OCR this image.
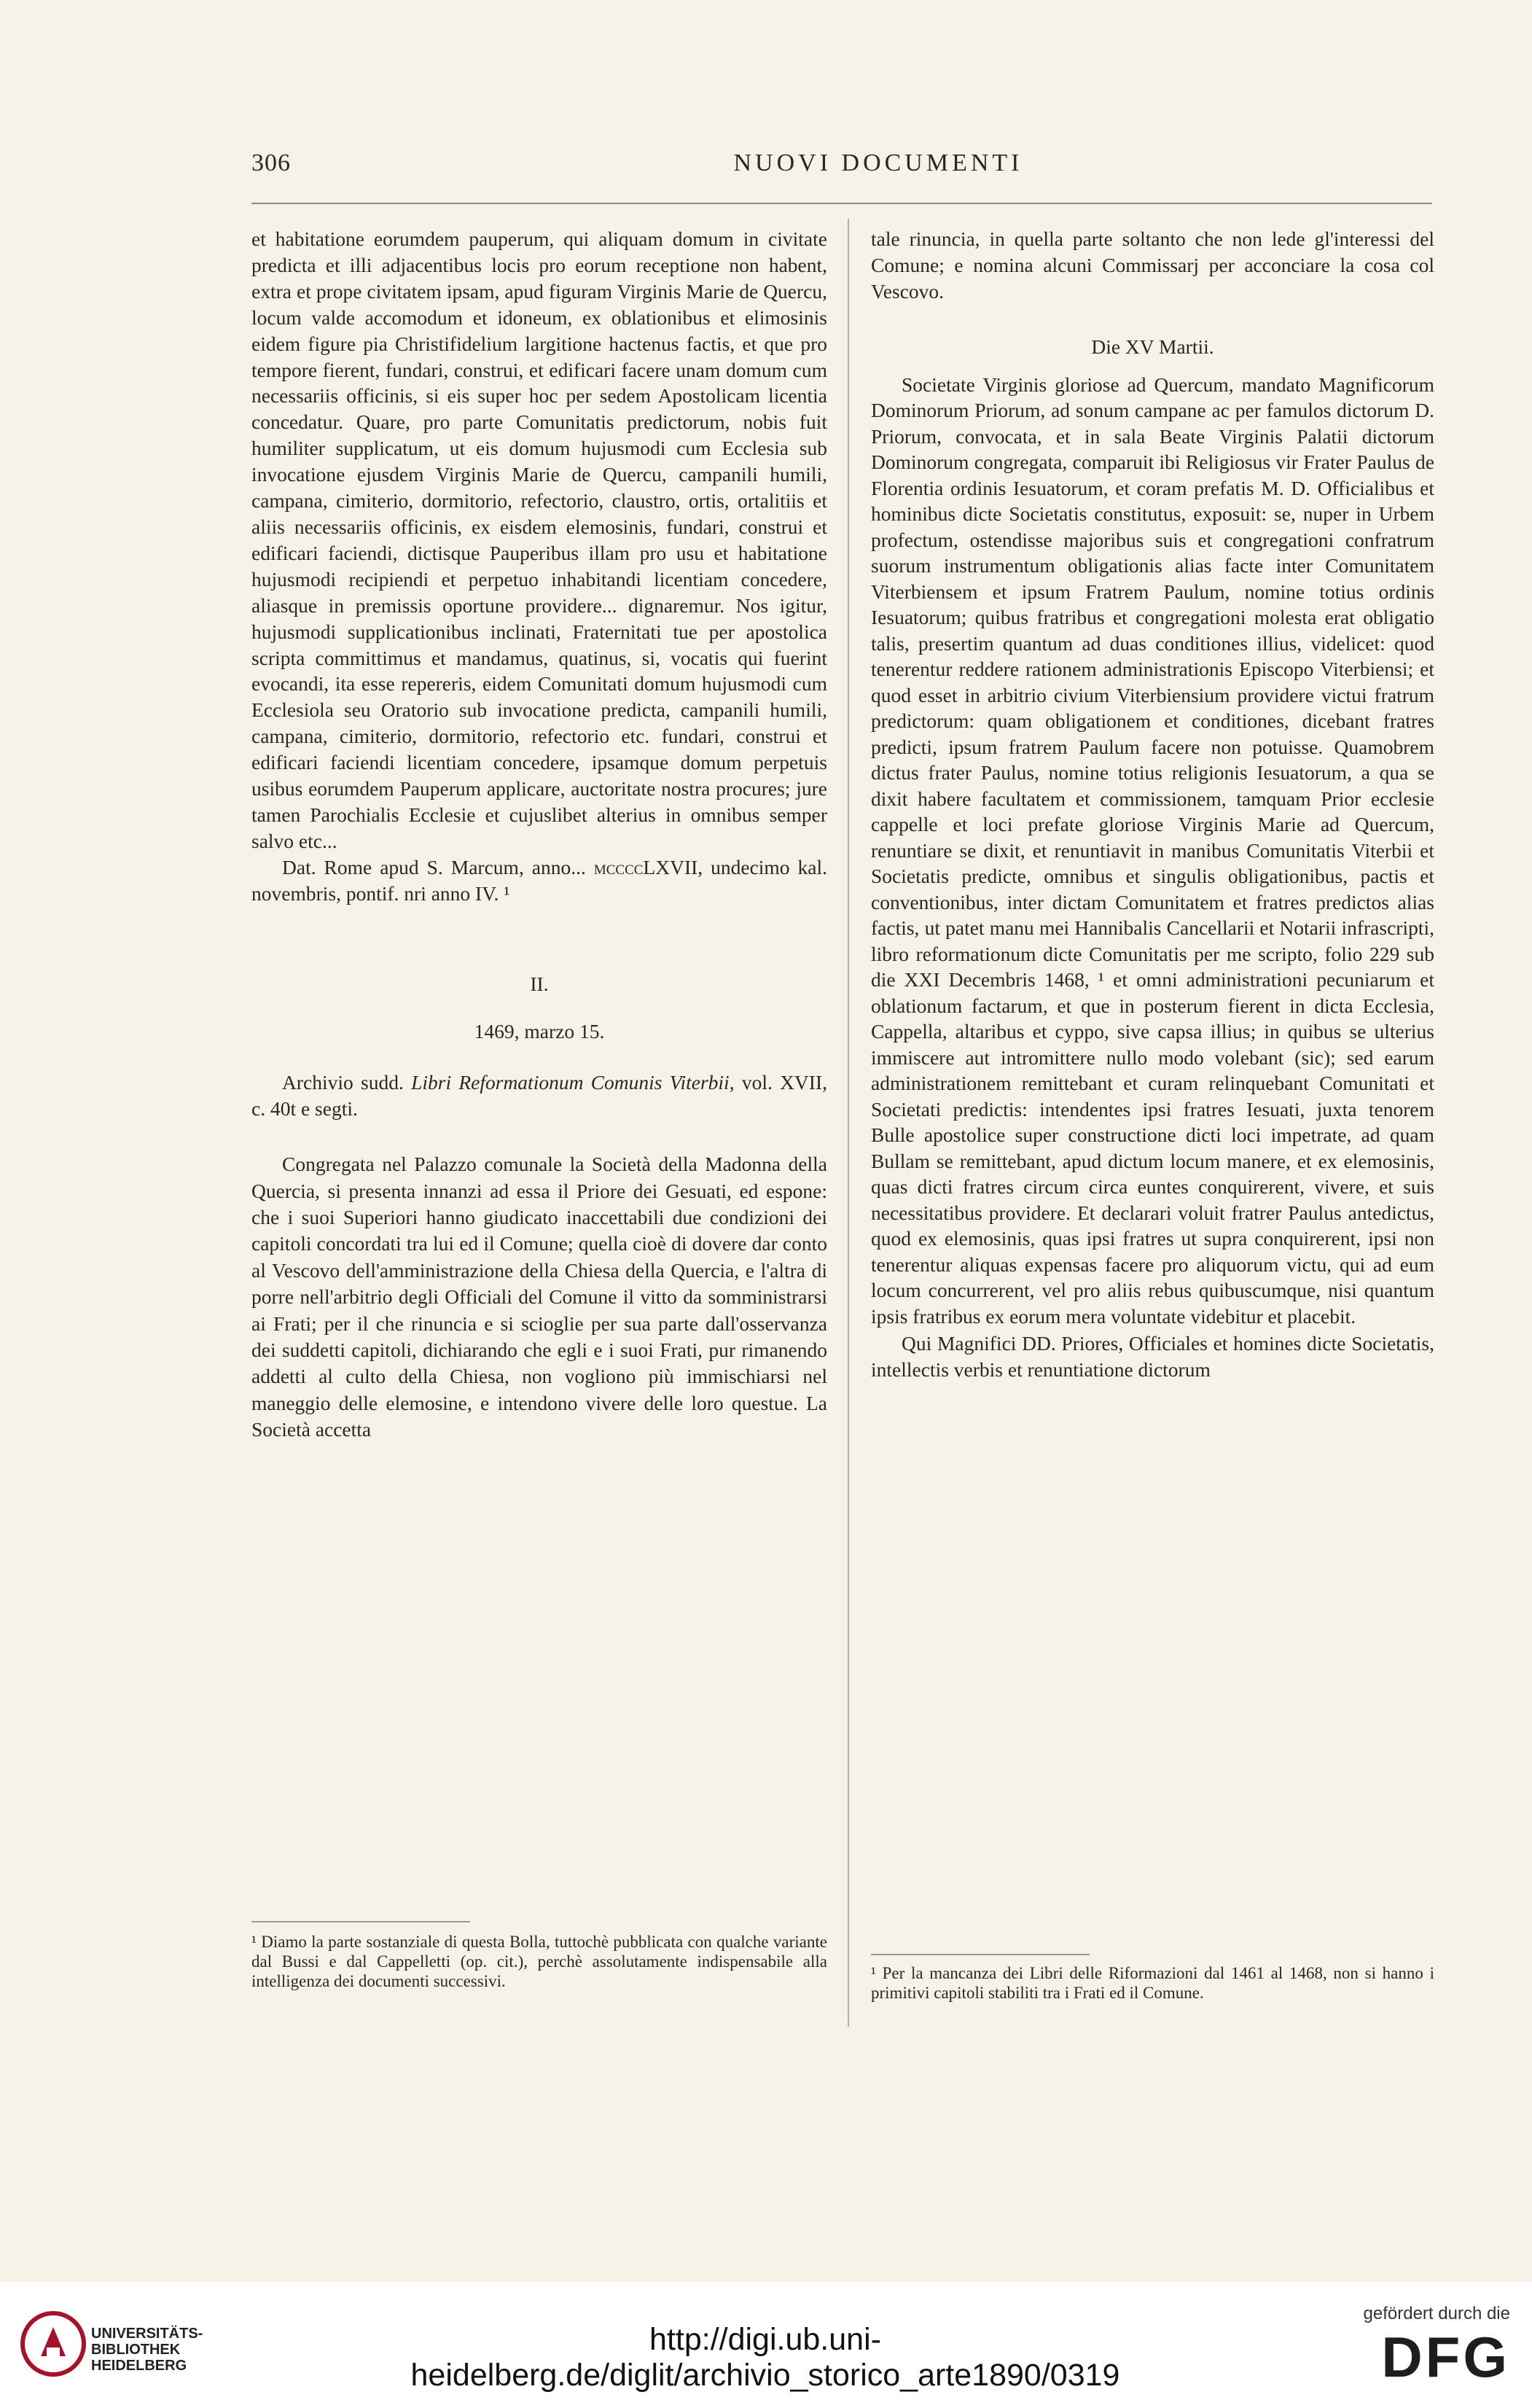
306	NUOVI DOCUMENTI

et habitatione eorumdem pauperum, qui aliquam domum in civitate predicta et illi adjacentibus locis pro eorum receptione non habent, extra et prope civitatem ipsam, apud figuram Virginis Marie de Quercu, locum valde accomodum et idoneum, ex oblationibus et elimosinis eidem figure pia Christifidelium largitione hactenus factis, et que pro tempore fierent, fundari, construi, et edificari facere unam domum cum necessariis officinis, si eis super hoc per sedem Apostolicam licentia concedatur. Quare, pro parte Comunitatis predictorum, nobis fuit humiliter supplicatum, ut eis domum hujusmodi cum Ecclesia sub invocatione ejusdem Virginis Marie de Quercu, campanili humili, campana, cimiterio, dormitorio, refectorio, claustro, ortis, ortalitiis et aliis necessariis officinis, ex eisdem elemosinis, fundari, construi et edificari faciendi, dictisque Pauperibus illam pro usu et habitatione hujusmodi recipiendi et perpetuo inhabitandi licentiam concedere, aliasque in premissis oportune providere... dignaremur. Nos igitur, hujusmodi supplicationibus inclinati, Fraternitati tue per apostolica scripta committimus et mandamus, quatinus, si, vocatis qui fuerint evocandi, ita esse repereris, eidem Comunitati domum hujusmodi cum Ecclesiola seu Oratorio sub invocatione predicta, campanili humili, campana, cimiterio, dormitorio, refectorio etc. fundari, construi et edificari faciendi licentiam concedere, ipsamque domum perpetuis usibus eorumdem Pauperum applicare, auctoritate nostra procures; jure tamen Parochialis Ecclesie et cujuslibet alterius in omnibus semper salvo etc...

Dat. Rome apud S. Marcum, anno... mccccLXVII, undecimo kal. novembris, pontif. nri anno IV. ¹

II.

1469, marzo 15.

Archivio sudd. Libri Reformationum Comunis Viterbii, vol. XVII, c. 40t e segti.

Congregata nel Palazzo comunale la Società della Madonna della Quercia, si presenta innanzi ad essa il Priore dei Gesuati, ed espone: che i suoi Superiori hanno giudicato inaccettabili due condizioni dei capitoli concordati tra lui ed il Comune; quella cioè di dovere dar conto al Vescovo dell'amministrazione della Chiesa della Quercia, e l'altra di porre nell'arbitrio degli Officiali del Comune il vitto da somministrarsi ai Frati; per il che rinuncia e si scioglie per sua parte dall'osservanza dei suddetti capitoli, dichiarando che egli e i suoi Frati, pur rimanendo addetti al culto della Chiesa, non vogliono più immischiarsi nel maneggio delle elemosine, e intendono vivere delle loro questue. La Società accetta

tale rinuncia, in quella parte soltanto che non lede gl'interessi del Comune; e nomina alcuni Commissarj per acconciare la cosa col Vescovo.

Die XV Martii.

Societate Virginis gloriose ad Quercum, mandato Magnificorum Dominorum Priorum, ad sonum campane ac per famulos dictorum D. Priorum, convocata, et in sala Beate Virginis Palatii dictorum Dominorum congregata, comparuit ibi Religiosus vir Frater Paulus de Florentia ordinis Iesuatorum, et coram prefatis M. D. Officialibus et hominibus dicte Societatis constitutus, exposuit: se, nuper in Urbem profectum, ostendisse majoribus suis et congregationi confratrum suorum instrumentum obligationis alias facte inter Comunitatem Viterbiensem et ipsum Fratrem Paulum, nomine totius ordinis Iesuatorum; quibus fratribus et congregationi molesta erat obligatio talis, presertim quantum ad duas conditiones illius, videlicet: quod tenerentur reddere rationem administrationis Episcopo Viterbiensi; et quod esset in arbitrio civium Viterbiensium providere victui fratrum predictorum: quam obligationem et conditiones, dicebant fratres predicti, ipsum fratrem Paulum facere non potuisse. Quamobrem dictus frater Paulus, nomine totius religionis Iesuatorum, a qua se dixit habere facultatem et commissionem, tamquam Prior ecclesie cappelle et loci prefate gloriose Virginis Marie ad Quercum, renuntiare se dixit, et renuntiavit in manibus Comunitatis Viterbii et Societatis predicte, omnibus et singulis obligationibus, pactis et conventionibus, inter dictam Comunitatem et fratres predictos alias factis, ut patet manu mei Hannibalis Cancellarii et Notarii infrascripti, libro reformationum dicte Comunitatis per me scripto, folio 229 sub die XXI Decembris 1468, ¹ et omni administrationi pecuniarum et oblationum factarum, et que in posterum fierent in dicta Ecclesia, Cappella, altaribus et cyppo, sive capsa illius; in quibus se ulterius immiscere aut intromittere nullo modo volebant (sic); sed earum administrationem remittebant et curam relinquebant Comunitati et Societati predictis: intendentes ipsi fratres Iesuati, juxta tenorem Bulle apostolice super constructione dicti loci impetrate, ad quam Bullam se remittebant, apud dictum locum manere, et ex elemosinis, quas dicti fratres circum circa euntes conquirerent, vivere, et suis necessitatibus providere. Et declarari voluit fratrer Paulus antedictus, quod ex elemosinis, quas ipsi fratres ut supra conquirerent, ipsi non tenerentur aliquas expensas facere pro aliquorum victu, qui ad eum locum concurrerent, vel pro aliis rebus quibuscumque, nisi quantum ipsis fratribus ex eorum mera voluntate videbitur et placebit.

Qui Magnifici DD. Priores, Officiales et homines dicte Societatis, intellectis verbis et renuntiatione dictorum

¹ Diamo la parte sostanziale di questa Bolla, tuttochè pubblicata con qualche variante dal Bussi e dal Cappelletti (op. cit.), perchè assolutamente indispensabile alla intelligenza dei documenti successivi.	¹ Per la mancanza dei Libri delle Riformazioni dal 1461 al 1468, non si hanno i primitivi capitoli stabiliti tra i Frati ed il Comune.
UNIVERSITÄTS-
BIBLIOTHEK
HEIDELBERG
http://digi.ub.uni-heidelberg.de/diglit/archivio_storico_arte1890/0319
gefördert durch die
DFG
